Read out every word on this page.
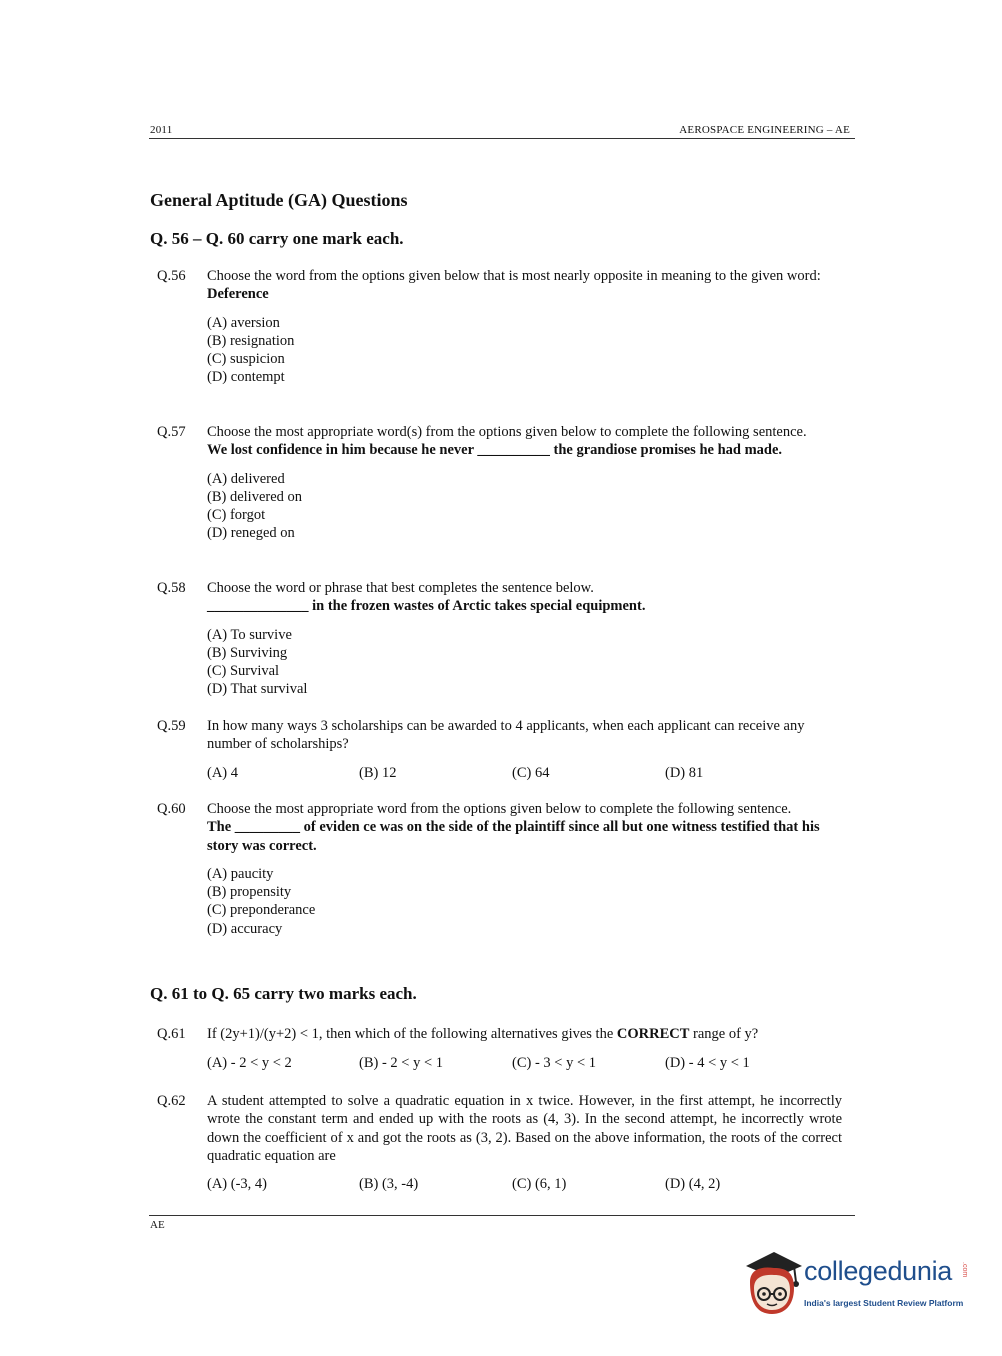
2011	AEROSPACE ENGINEERING – AE
General Aptitude (GA) Questions
Q. 56 – Q. 60 carry one mark each.
Q.56 Choose the word from the options given below that is most nearly opposite in meaning to the given word:
Deference
(A) aversion
(B) resignation
(C) suspicion
(D) contempt
Q.57 Choose the most appropriate word(s) from the options given below to complete the following sentence.
We lost confidence in him because he never __________ the grandiose promises he had made.
(A) delivered
(B) delivered on
(C) forgot
(D) reneged on
Q.58 Choose the word or phrase that best completes the sentence below.
______________ in the frozen wastes of Arctic takes special equipment.
(A) To survive
(B) Surviving
(C) Survival
(D) That survival
Q.59 In how many ways 3 scholarships can be awarded to 4 applicants, when each applicant can receive any number of scholarships?
(A) 4	(B) 12	(C) 64	(D) 81
Q.60 Choose the most appropriate word from the options given below to complete the following sentence.
The _________ of eviden ce was on the side of the plaintiff since all but one witness testified that his story was correct.
(A) paucity
(B) propensity
(C) preponderance
(D) accuracy
Q. 61 to Q. 65 carry two marks each.
Q.61 If (2y+1)/(y+2) < 1, then which of the following alternatives gives the CORRECT range of y?
(A) - 2 < y < 2	(B) - 2 < y < 1	(C) - 3 < y < 1	(D) - 4 < y < 1
Q.62 A student attempted to solve a quadratic equation in x twice. However, in the first attempt, he incorrectly wrote the constant term and ended up with the roots as (4, 3). In the second attempt, he incorrectly wrote down the coefficient of x and got the roots as (3, 2). Based on the above information, the roots of the correct quadratic equation are
(A) (-3, 4)	(B) (3, -4)	(C) (6, 1)	(D) (4, 2)
AE
collegedunia .com
India's largest Student Review Platform
